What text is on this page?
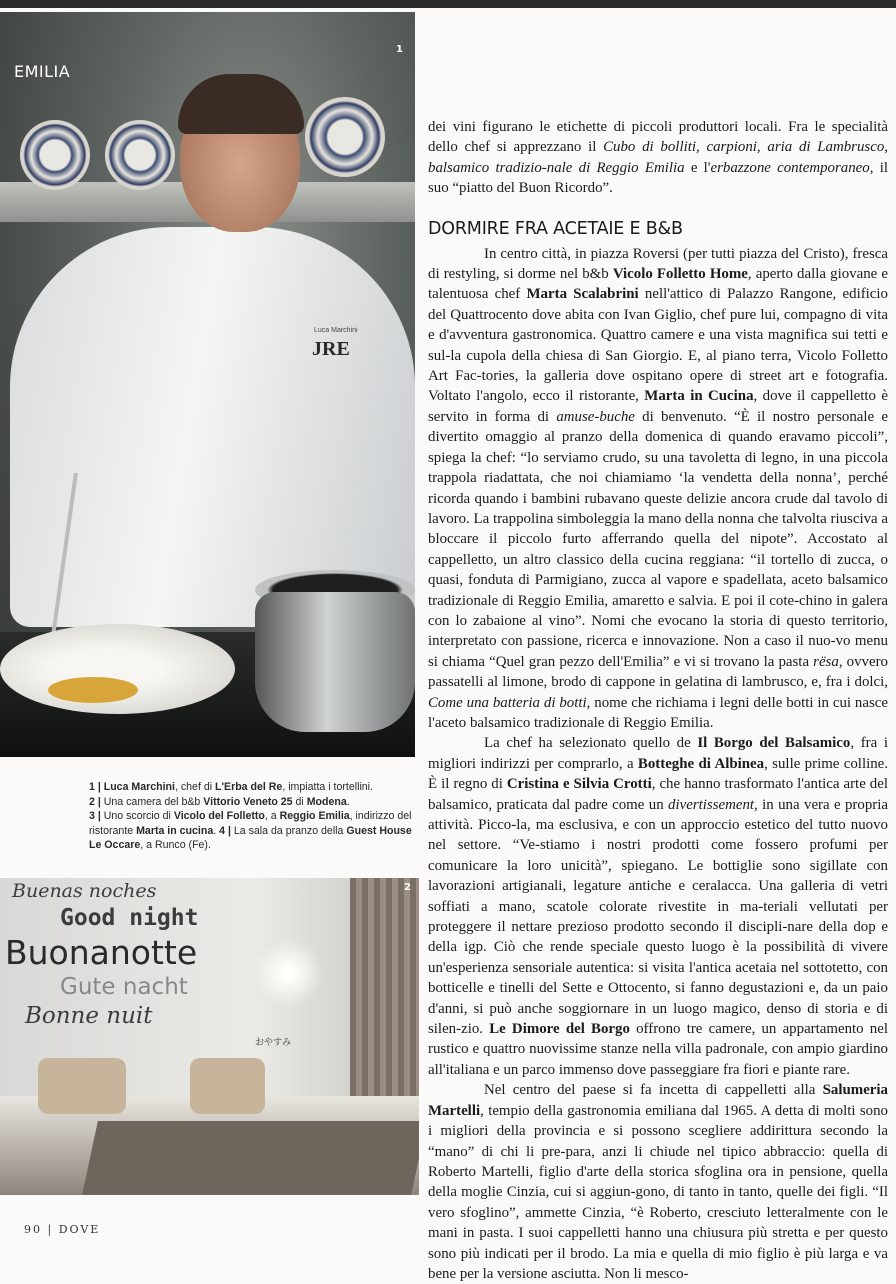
Luca Marchini
JRE
EMILIA
1
1 | Luca Marchini, chef di L'Erba del Re, impiatta i tortellini.
2 | Una camera del b&b Vittorio Veneto 25 di Modena.
3 | Uno scorcio di Vicolo del Folletto, a Reggio Emilia, indirizzo del ristorante Marta in cucina. 4 | La sala da pranzo della Guest House Le Occare, a Runco (Fe).
Buenas noches
Good night
Buonanotte
Gute nacht
Bonne nuit
おやすみ
2

dei vini figurano le etichette di piccoli produttori locali. Fra le specialità dello chef si apprezzano il Cubo di bolliti, carpioni, aria di Lambrusco, balsamico tradizio-nale di Reggio Emilia e l'erbazzone contemporaneo, il suo “piatto del Buon Ricordo”.

DORMIRE FRA ACETAIE E B&B

In centro città, in piazza Roversi (per tutti piazza del Cristo), fresca di restyling, si dorme nel b&b Vicolo Folletto Home, aperto dalla giovane e talentuosa chef Marta Scalabrini nell'attico di Palazzo Rangone, edificio del Quattrocento dove abita con Ivan Giglio, chef pure lui, compagno di vita e d'avventura gastronomica. Quattro camere e una vista magnifica sui tetti e sul-la cupola della chiesa di San Giorgio. E, al piano terra, Vicolo Folletto Art Fac-tories, la galleria dove ospitano opere di street art e fotografia. Voltato l'angolo, ecco il ristorante, Marta in Cucina, dove il cappelletto è servito in forma di amuse-buche di benvenuto. “È il nostro personale e divertito omaggio al pranzo della domenica di quando eravamo piccoli”, spiega la chef: “lo serviamo crudo, su una tavoletta di legno, in una piccola trappola riadattata, che noi chiamiamo ‘la vendetta della nonna’, perché ricorda quando i bambini rubavano queste delizie ancora crude dal tavolo di lavoro. La trappolina simboleggia la mano della nonna che talvolta riusciva a bloccare il piccolo furto afferrando quella del nipote”. Accostato al cappelletto, un altro classico della cucina reggiana: “il tortello di zucca, o quasi, fonduta di Parmigiano, zucca al vapore e spadellata, aceto balsamico tradizionale di Reggio Emilia, amaretto e salvia. E poi il cote-chino in galera con lo zabaione al vino”. Nomi che evocano la storia di questo territorio, interpretato con passione, ricerca e innovazione. Non a caso il nuo-vo menu si chiama “Quel gran pezzo dell'Emilia” e vi si trovano la pasta rësa, ovvero passatelli al limone, brodo di cappone in gelatina di lambrusco, e, fra i dolci, Come una batteria di botti, nome che richiama i legni delle botti in cui nasce l'aceto balsamico tradizionale di Reggio Emilia.

La chef ha selezionato quello de Il Borgo del Balsamico, fra i migliori indirizzi per comprarlo, a Botteghe di Albinea, sulle prime colline. È il regno di Cristina e Silvia Crotti, che hanno trasformato l'antica arte del balsamico, praticata dal padre come un divertissement, in una vera e propria attività. Picco-la, ma esclusiva, e con un approccio estetico del tutto nuovo nel settore. “Ve-stiamo i nostri prodotti come fossero profumi per comunicare la loro unicità”, spiegano. Le bottiglie sono sigillate con lavorazioni artigianali, legature antiche e ceralacca. Una galleria di vetri soffiati a mano, scatole colorate rivestite in ma-teriali vellutati per proteggere il nettare prezioso prodotto secondo il discipli-nare della dop e della igp. Ciò che rende speciale questo luogo è la possibilità di vivere un'esperienza sensoriale autentica: si visita l'antica acetaia nel sottotetto, con botticelle e tinelli del Sette e Ottocento, si fanno degustazioni e, da un paio d'anni, si può anche soggiornare in un luogo magico, denso di storia e di silen-zio. Le Dimore del Borgo offrono tre camere, un appartamento nel rustico e quattro nuovissime stanze nella villa padronale, con ampio giardino all'italiana e un parco immenso dove passeggiare fra fiori e piante rare.

Nel centro del paese si fa incetta di cappelletti alla Salumeria Martelli, tempio della gastronomia emiliana dal 1965. A detta di molti sono i migliori della provincia e si possono scegliere addirittura secondo la “mano” di chi li pre-para, anzi li chiude nel tipico abbraccio: quella di Roberto Martelli, figlio d'arte della storica sfoglina ora in pensione, quella della moglie Cinzia, cui si aggiun-gono, di tanto in tanto, quelle dei figli. “Il vero sfoglino”, ammette Cinzia, “è Roberto, cresciuto letteralmente con le mani in pasta. I suoi cappelletti hanno una chiusura più stretta e per questo sono più indicati per il brodo. La mia e quella di mio figlio è più larga e va bene per la versione asciutta. Non li mesco-

90 | DOVE
